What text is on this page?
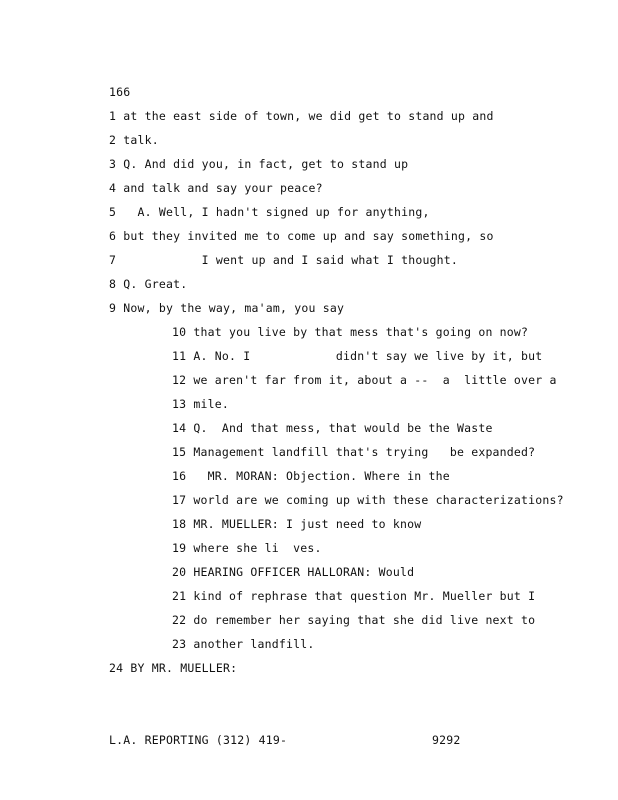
166
1 at the east side of town, we did get to stand up and
2 talk.
3 Q. And did you, in fact, get to stand up
4 and talk and say your peace?
5   A. Well, I hadn't signed up for anything,
6 but they invited me to come up and say something, so
7            I went up and I said what I thought.
8 Q. Great.
9 Now, by the way, ma'am, you say
10 that you live by that mess that's going on now?
11 A. No. I            didn't say we live by it, but
12 we aren't far from it, about a --  a  little over a
13 mile.
14 Q.  And that mess, that would be the Waste
15 Management landfill that's trying   be expanded?
16   MR. MORAN: Objection. Where in the
17 world are we coming up with these characterizations?
18 MR. MUELLER: I just need to know
19 where she li  ves.
20 HEARING OFFICER HALLORAN: Would
21 kind of rephrase that question Mr. Mueller but I
22 do remember her saying that she did live next to
23 another landfill.
24 BY MR. MUELLER:
L.A. REPORTING (312) 419-	9292
